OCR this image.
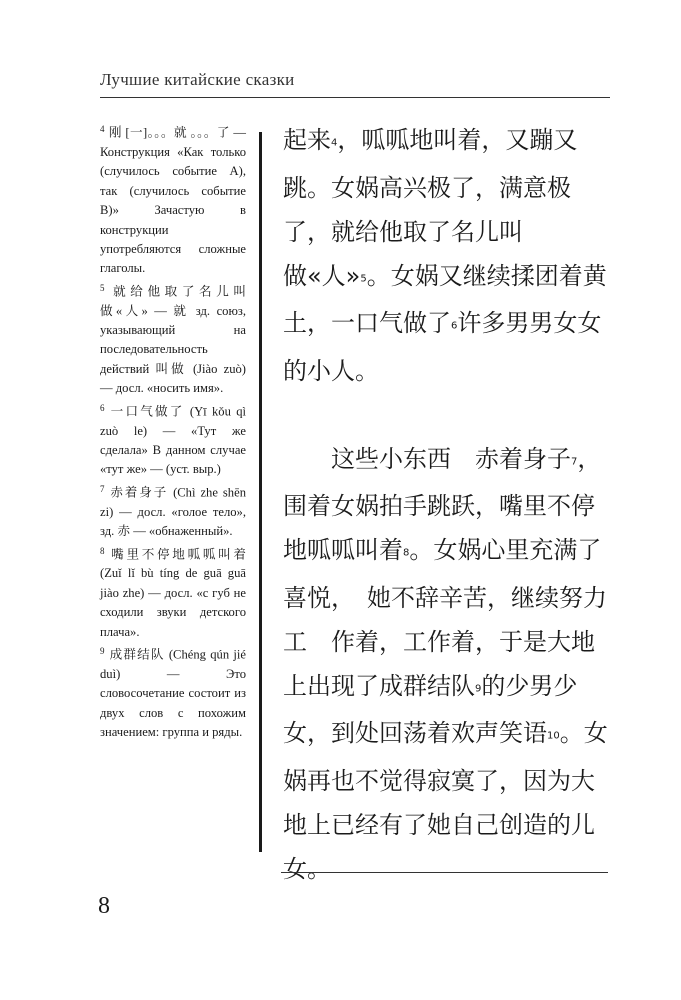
Лучшие китайские сказки

$^4$ 刚 [一]。。。就 。。。了 — Конструкция «Как только (случилось событие А), так (случилось событие В)» Зачастую в конструкции употребляются сложные глаголы.

$^5$ 就给他取了名儿叫做«人» — 就 зд. союз, указывающий на последовательность действий 叫做 (Jiào zuò) — досл. «носить имя».

$^6$ 一口气做了 (Yī kǒu qì zuò le) — «Тут же сделала» В данном случае «тут же» — (уст. выр.)

$^7$ 赤着身子 (Chì zhe shēn zi) — досл. «голое тело», зд. 赤 — «обнаженный».

$^8$ 嘴里不停地呱呱叫着 (Zuǐ lǐ bù tíng de guā guā jiào zhe) — досл. «с губ не сходили звуки детского плача».

$^9$ 成群结队 (Chéng qún jié duì) — Это словосочетание состоит из двух слов с похожим значением: группа и ряды.

起来4，呱呱地叫着，又蹦又跳。女娲高兴极了，满意极了，就给他取了名儿叫做«人»5。女娲又继续揉团着黄土，一口气做了6许多男男女女的小人。

这些小东西　赤着身子7，围着女娲拍手跳跃，嘴里不停地呱呱叫着8。女娲心里充满了喜悦，　她不辞辛苦，继续努力工　作着，工作着，于是大地上出现了成群结队9的少男少女，到处回荡着欢声笑语10。女娲再也不觉得寂寞了，因为大地上已经有了她自己创造的儿女。

8
